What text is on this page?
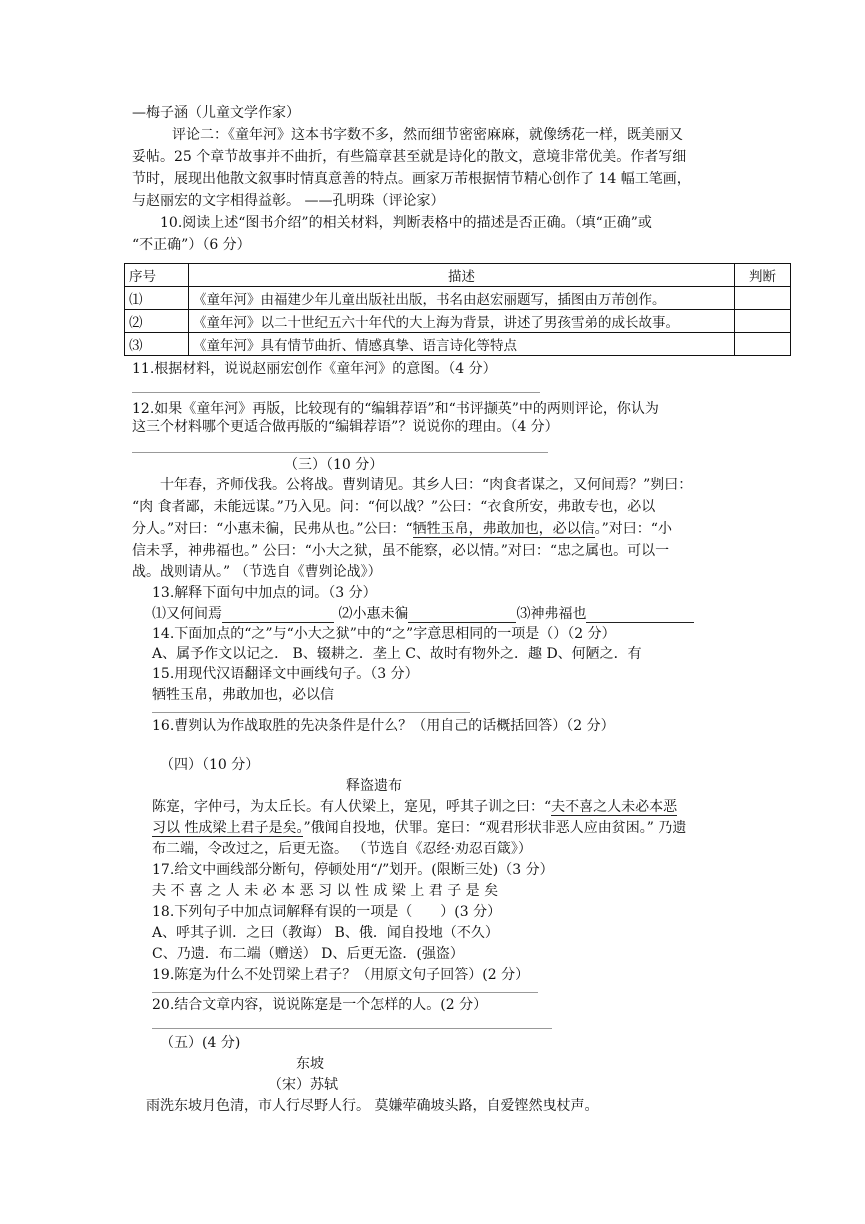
—梅子涵（儿童文学作家）
评论二：《童年河》这本书字数不多，然而细节密密麻麻，就像绣花一样，既美丽又
妥帖。25 个章节故事并不曲折，有些篇章甚至就是诗化的散文，意境非常优美。作者写细
节时，展现出他散文叙事时情真意善的特点。画家万芾根据情节精心创作了 14 幅工笔画，
与赵丽宏的文字相得益彰。 ——孔明珠（评论家）
10.阅读上述“图书介绍”的相关材料，判断表格中的描述是否正确。（填“正确”或
“不正确”）（6 分）
序号	描述	判断
⑴	《童年河》由福建少年儿童出版社出版，书名由赵宏丽题写，插图由万芾创作。	
⑵	《童年河》以二十世纪五六十年代的大上海为背景，讲述了男孩雪弟的成长故事。	
⑶	《童年河》具有情节曲折、情感真挚、语言诗化等特点	
11.根据材料，说说赵丽宏创作《童年河》的意图。（4 分）
12.如果《童年河》再版，比较现有的“编辑荐语”和“书评撷英”中的两则评论，你认为
这三个材料哪个更适合做再版的“编辑荐语”？说说你的理由。（4 分）
（三）（10 分）
十年春，齐师伐我。公将战。曹刿请见。其乡人曰：“肉食者谋之，又何间焉？”刿曰：
“肉 食者鄙，未能远谋。”乃入见。问：“何以战？”公曰：“衣食所安，弗敢专也，必以
分人。”对曰：“小惠未徧，民弗从也。”公曰：“牺牲玉帛，弗敢加也，必以信。”对曰：“小
信未孚，神弗福也。” 公曰：“小大之狱，虽不能察，必以情。”对曰：“忠之属也。可以一
战。战则请从。” （节选自《曹刿论战》）
13.解释下面句中加点的词。（3 分）
⑴又何间焉	⑵小惠未徧	⑶神弗福也
14.下面加点的“之”与“小大之狱”中的“之”字意思相同的一项是（）（2 分）
A、属予作文以记之． B、辍耕之．垄上 C、故时有物外之．趣 D、何陋之．有
15.用现代汉语翻译文中画线句子。（3 分）
牺牲玉帛，弗敢加也，必以信
16.曹刿认为作战取胜的先决条件是什么？（用自己的话概括回答）（2 分）
（四）（10 分）
释盗遗布
陈寔，字仲弓，为太丘长。有人伏梁上，寔见，呼其子训之曰：“夫不喜之人未必本恶
习以 性成梁上君子是矣。”俄闻自投地，伏罪。寔曰：“观君形状非恶人应由贫困。” 乃遗
布二端，令改过之，后更无盗。 （节选自《忍经·劝忍百箴》）
17.给文中画线部分断句，停顿处用“/”划开。(限断三处)（3 分）
夫 不 喜 之 人 未 必 本 恶 习 以 性 成 梁 上 君 子 是 矣
18.下列句子中加点词解释有误的一项是（　　）(3 分）
A、呼其子训．之曰（教诲） B、俄．闻自投地（不久）
C、乃遗．布二端（赠送） D、后更无盗．(强盗）
19.陈寔为什么不处罚梁上君子？（用原文句子回答）(2 分）
20.结合文章内容，说说陈寔是一个怎样的人。(2 分）
（五）(4 分)
东坡
（宋）苏轼
雨洗东坡月色清，市人行尽野人行。 莫嫌荦确坡头路，自爱铿然曳杖声。
